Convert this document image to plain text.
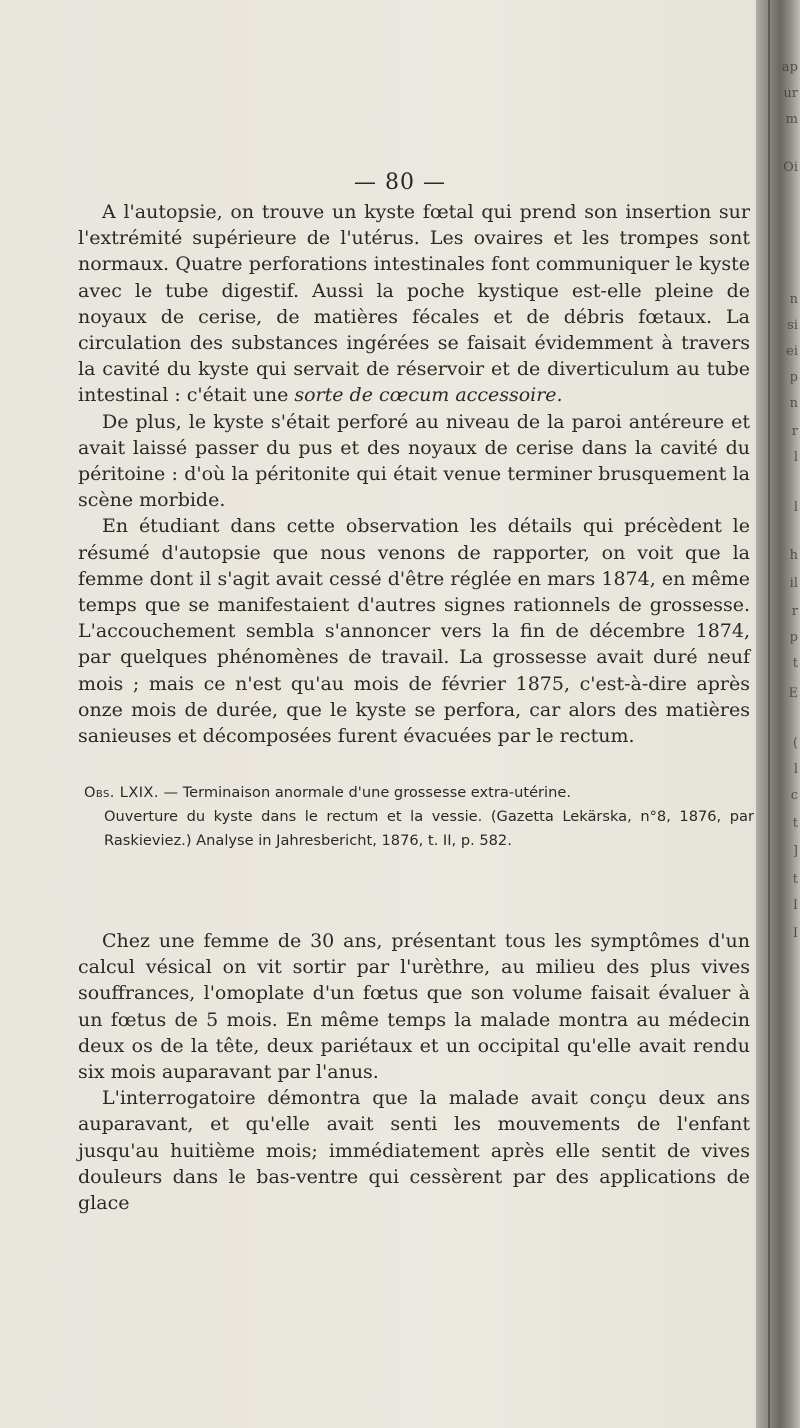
— 80 —

A l'autopsie, on trouve un kyste fœtal qui prend son insertion sur l'extrémité supérieure de l'utérus. Les ovaires et les trompes sont normaux. Quatre perforations intestinales font communiquer le kyste avec le tube digestif. Aussi la poche kystique est-elle pleine de noyaux de cerise, de matières fécales et de débris fœtaux. La circulation des substances ingérées se faisait évidemment à travers la cavité du kyste qui servait de réservoir et de diverticulum au tube intestinal : c'était une sorte de cœcum accessoire.

De plus, le kyste s'était perforé au niveau de la paroi antéreure et avait laissé passer du pus et des noyaux de cerise dans la cavité du péritoine : d'où la péritonite qui était venue terminer brusquement la scène morbide.

En étudiant dans cette observation les détails qui précèdent le résumé d'autopsie que nous venons de rapporter, on voit que la femme dont il s'agit avait cessé d'être réglée en mars 1874, en même temps que se manifestaient d'autres signes rationnels de grossesse. L'accouchement sembla s'annoncer vers la fin de décembre 1874, par quelques phénomènes de travail. La grossesse avait duré neuf mois ; mais ce n'est qu'au mois de février 1875, c'est-à-dire après onze mois de durée, que le kyste se perfora, car alors des matières sanieuses et décomposées furent évacuées par le rectum.

Obs. LXIX. — Terminaison anormale d'une grossesse extra-utérine.

Ouverture du kyste dans le rectum et la vessie. (Gazetta Lekärska, n°8, 1876, par Raskieviez.) Analyse in Jahresbericht, 1876, t. II, p. 582.

Chez une femme de 30 ans, présentant tous les symptômes d'un calcul vésical on vit sortir par l'urèthre, au milieu des plus vives souffrances, l'omoplate d'un fœtus que son volume faisait évaluer à un fœtus de 5 mois. En même temps la malade montra au médecin deux os de la tête, deux pariétaux et un occipital qu'elle avait rendu six mois auparavant par l'anus.

L'interrogatoire démontra que la malade avait conçu deux ans auparavant, et qu'elle avait senti les mouvements de l'enfant jusqu'au huitième mois; immédiatement après elle sentit de vives douleurs dans le bas-ventre qui cessèrent par des applications de glace

ap
ur
m
Oi
n
si
ei
p
n
r
l
l
h
il
r
p
t
E
(
l
c
t
]
t
I
I
